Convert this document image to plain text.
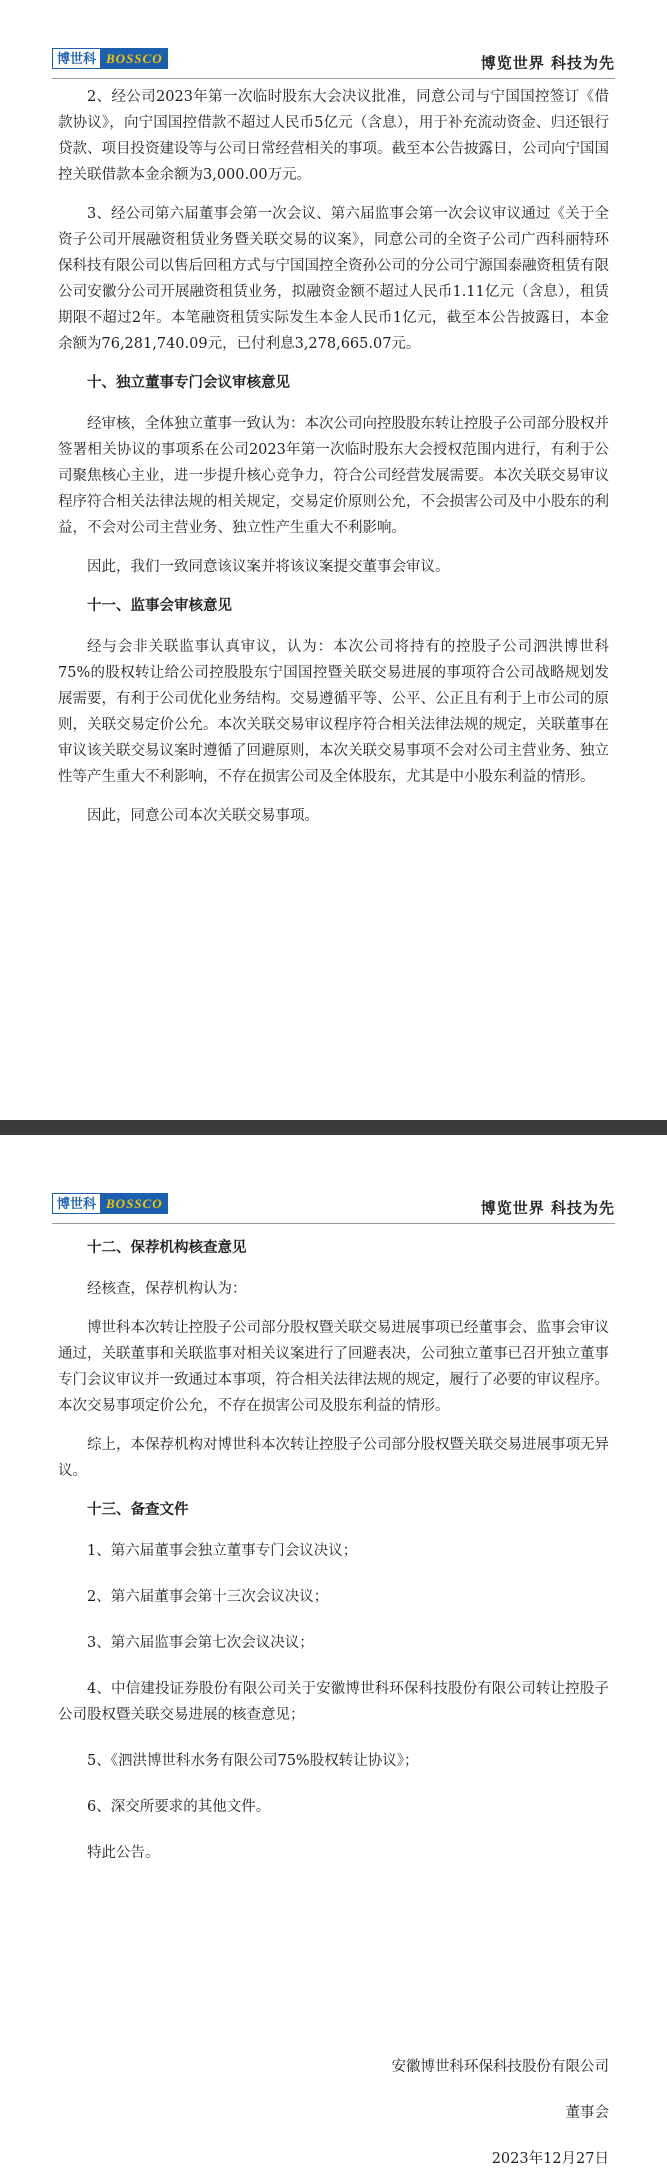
博世科 BOSSCO	博览世界 科技为先

2、经公司2023年第一次临时股东大会决议批准，同意公司与宁国国控签订《借款协议》，向宁国国控借款不超过人民币5亿元（含息），用于补充流动资金、归还银行贷款、项目投资建设等与公司日常经营相关的事项。截至本公告披露日，公司向宁国国控关联借款本金余额为3,000.00万元。

3、经公司第六届董事会第一次会议、第六届监事会第一次会议审议通过《关于全资子公司开展融资租赁业务暨关联交易的议案》，同意公司的全资子公司广西科丽特环保科技有限公司以售后回租方式与宁国国控全资孙公司的分公司宁源国泰融资租赁有限公司安徽分公司开展融资租赁业务，拟融资金额不超过人民币1.11亿元（含息），租赁期限不超过2年。本笔融资租赁实际发生本金人民币1亿元，截至本公告披露日，本金余额为76,281,740.09元，已付利息3,278,665.07元。

十、独立董事专门会议审核意见

经审核，全体独立董事一致认为：本次公司向控股股东转让控股子公司部分股权并签署相关协议的事项系在公司2023年第一次临时股东大会授权范围内进行，有利于公司聚焦核心主业，进一步提升核心竞争力，符合公司经营发展需要。本次关联交易审议程序符合相关法律法规的相关规定，交易定价原则公允，不会损害公司及中小股东的利益，不会对公司主营业务、独立性产生重大不利影响。

因此，我们一致同意该议案并将该议案提交董事会审议。

十一、监事会审核意见

经与会非关联监事认真审议，认为：本次公司将持有的控股子公司泗洪博世科75%的股权转让给公司控股股东宁国国控暨关联交易进展的事项符合公司战略规划发展需要，有利于公司优化业务结构。交易遵循平等、公平、公正且有利于上市公司的原则，关联交易定价公允。本次关联交易审议程序符合相关法律法规的规定，关联董事在审议该关联交易议案时遵循了回避原则，本次关联交易事项不会对公司主营业务、独立性等产生重大不利影响，不存在损害公司及全体股东，尤其是中小股东利益的情形。

因此，同意公司本次关联交易事项。

博世科 BOSSCO	博览世界 科技为先

十二、保荐机构核查意见

经核查，保荐机构认为：

博世科本次转让控股子公司部分股权暨关联交易进展事项已经董事会、监事会审议通过，关联董事和关联监事对相关议案进行了回避表决，公司独立董事已召开独立董事专门会议审议并一致通过本事项，符合相关法律法规的规定，履行了必要的审议程序。本次交易事项定价公允，不存在损害公司及股东利益的情形。

综上，本保荐机构对博世科本次转让控股子公司部分股权暨关联交易进展事项无异议。

十三、备查文件

1、第六届董事会独立董事专门会议决议；

2、第六届董事会第十三次会议决议；

3、第六届监事会第七次会议决议；

4、中信建投证券股份有限公司关于安徽博世科环保科技股份有限公司转让控股子公司股权暨关联交易进展的核查意见；

5、《泗洪博世科水务有限公司75%股权转让协议》；

6、深交所要求的其他文件。

特此公告。

安徽博世科环保科技股份有限公司
董事会
2023年12月27日
